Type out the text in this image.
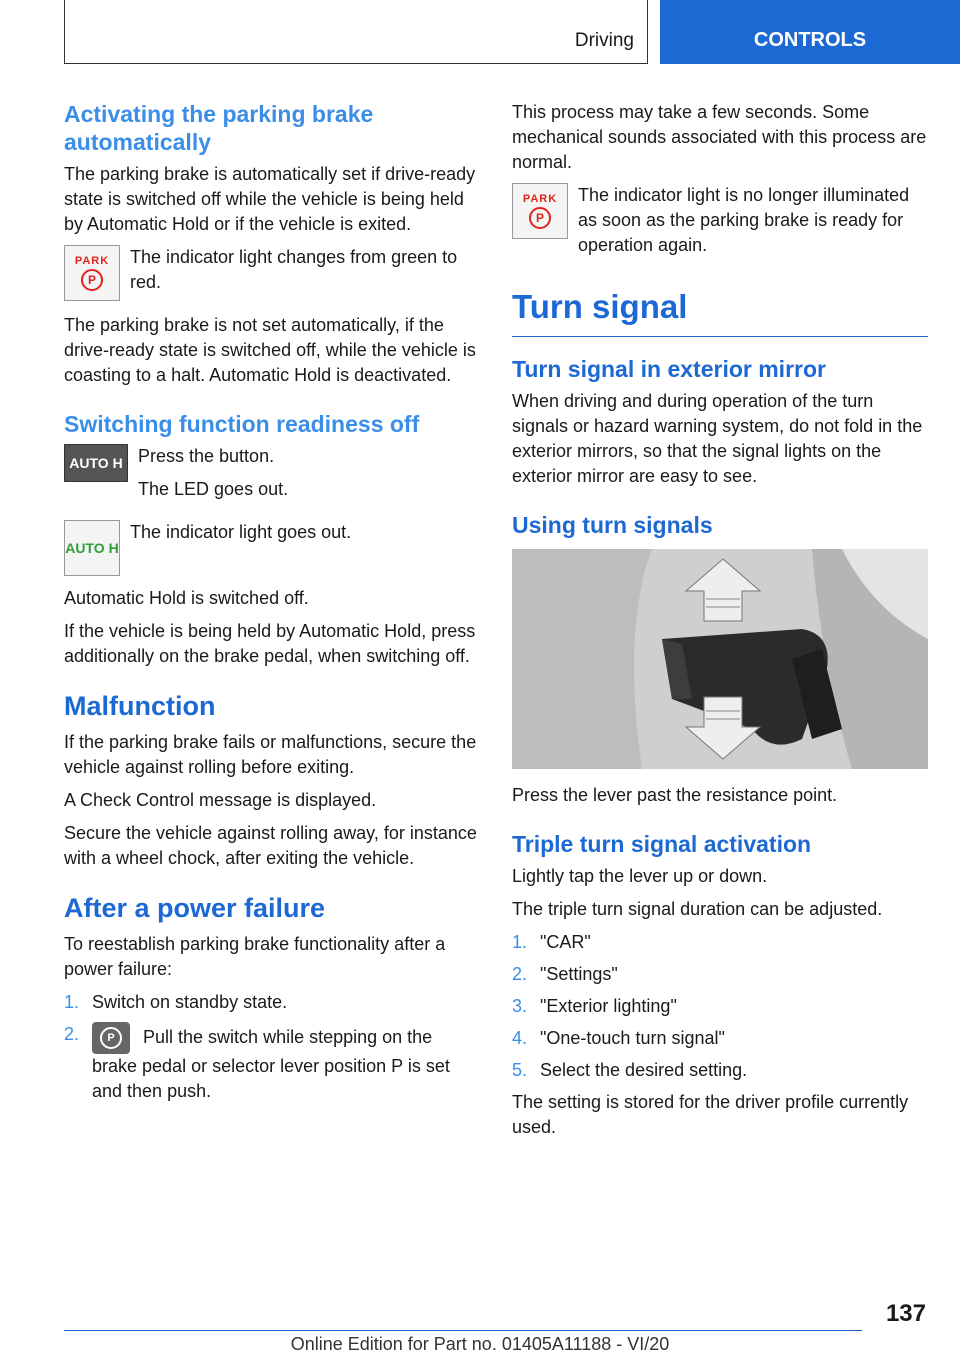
Driving	CONTROLS
Activating the parking brake automatically

The parking brake is automatically set if drive-ready state is switched off while the vehicle is being held by Automatic Hold or if the vehicle is exited.

PARK
P

The indicator light changes from green to red.

The parking brake is not set automatically, if the drive-ready state is switched off, while the vehicle is coasting to a halt. Automatic Hold is deactivated.

Switching function readiness off
AUTO H Press the button.

The LED goes out.

AUTO H

The indicator light goes out.

Automatic Hold is switched off.

If the vehicle is being held by Automatic Hold, press additionally on the brake pedal, when switching off.

Malfunction

If the parking brake fails or malfunctions, secure the vehicle against rolling before exiting.

A Check Control message is displayed.

Secure the vehicle against rolling away, for instance with a wheel chock, after exiting the vehicle.

After a power failure

To reestablish parking brake functionality after a power failure:

1. Switch on standby state.
2.	P	Pull the switch while stepping on the brake pedal or selector lever position P is set and then push.

This process may take a few seconds. Some mechanical sounds associated with this process are normal.

PARK
P

The indicator light is no longer illuminated as soon as the parking brake is ready for operation again.

Turn signal
Turn signal in exterior mirror

When driving and during operation of the turn signals or hazard warning system, do not fold in the exterior mirrors, so that the signal lights on the exterior mirror are easy to see.

Using turn signals

Press the lever past the resistance point.

Triple turn signal activation

Lightly tap the lever up or down.

The triple turn signal duration can be adjusted.

1. "CAR"
2. "Settings"
3. "Exterior lighting"
4. "One-touch turn signal"
5. Select the desired setting.

The setting is stored for the driver profile currently used.

137
Online Edition for Part no. 01405A11188 - VI/20
